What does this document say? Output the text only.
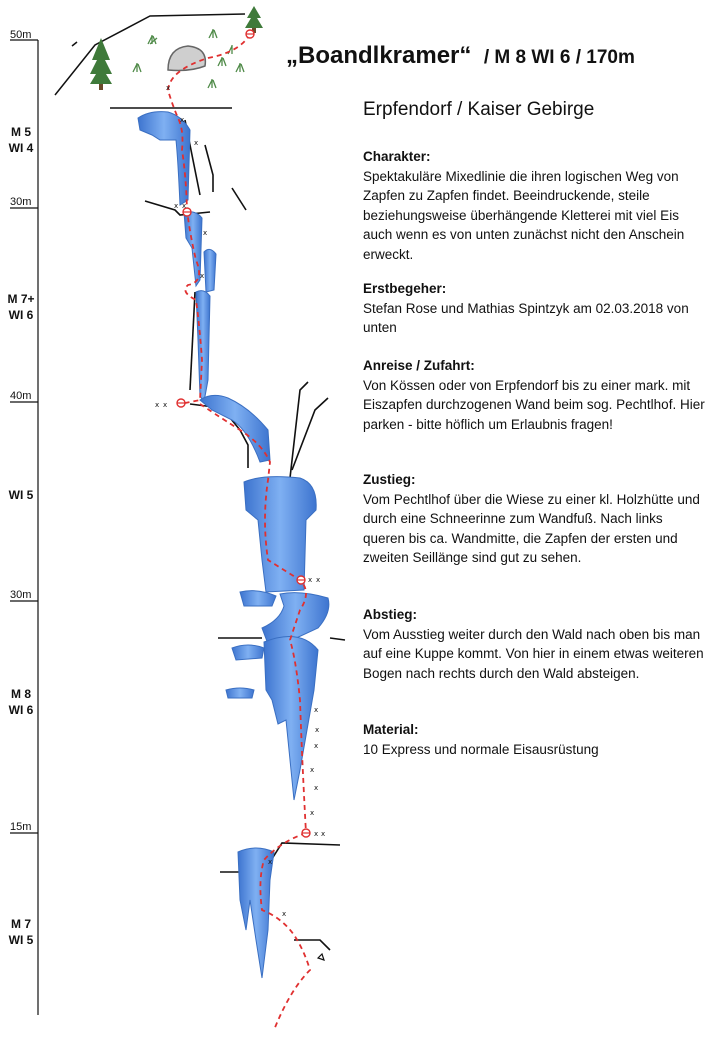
x
x
x
x x
x
x
x x
x x
x
x
x
x
x
x
x x
x
x
50m
30m
40m
30m
15m
M 5
WI 4
M 7+
WI 6
WI 5
M 8
WI 6
M 7
WI 5
„Boandlkramer“ / M 8 WI 6 / 170m
Erpfendorf / Kaiser Gebirge
Charakter:

Spektakuläre Mixedlinie die ihren logischen Weg von Zapfen zu Zapfen findet. Beeindruckende, steile beziehungsweise überhängende Kletterei mit viel Eis auch wenn es von unten zunächst nicht den Anschein erweckt.

Erstbegeher:

Stefan Rose und Mathias Spintzyk am 02.03.2018 von unten

Anreise / Zufahrt:

Von Kössen oder von Erpfendorf bis zu einer mark. mit Eiszapfen durchzogenen Wand beim sog. Pechtlhof. Hier parken - bitte höflich um Erlaubnis fragen!

Zustieg:

Vom Pechtlhof über die Wiese zu einer kl. Holzhütte und durch eine Schneerinne zum Wandfuß. Nach links queren bis ca. Wandmitte, die Zapfen der ersten und zweiten Seillänge sind gut zu sehen.

Abstieg:

Vom Ausstieg weiter durch den Wald nach oben bis man auf eine Kuppe kommt. Von hier in einem etwas weiteren Bogen nach rechts durch den Wald absteigen.

Material:

10 Express und normale Eisausrüstung
